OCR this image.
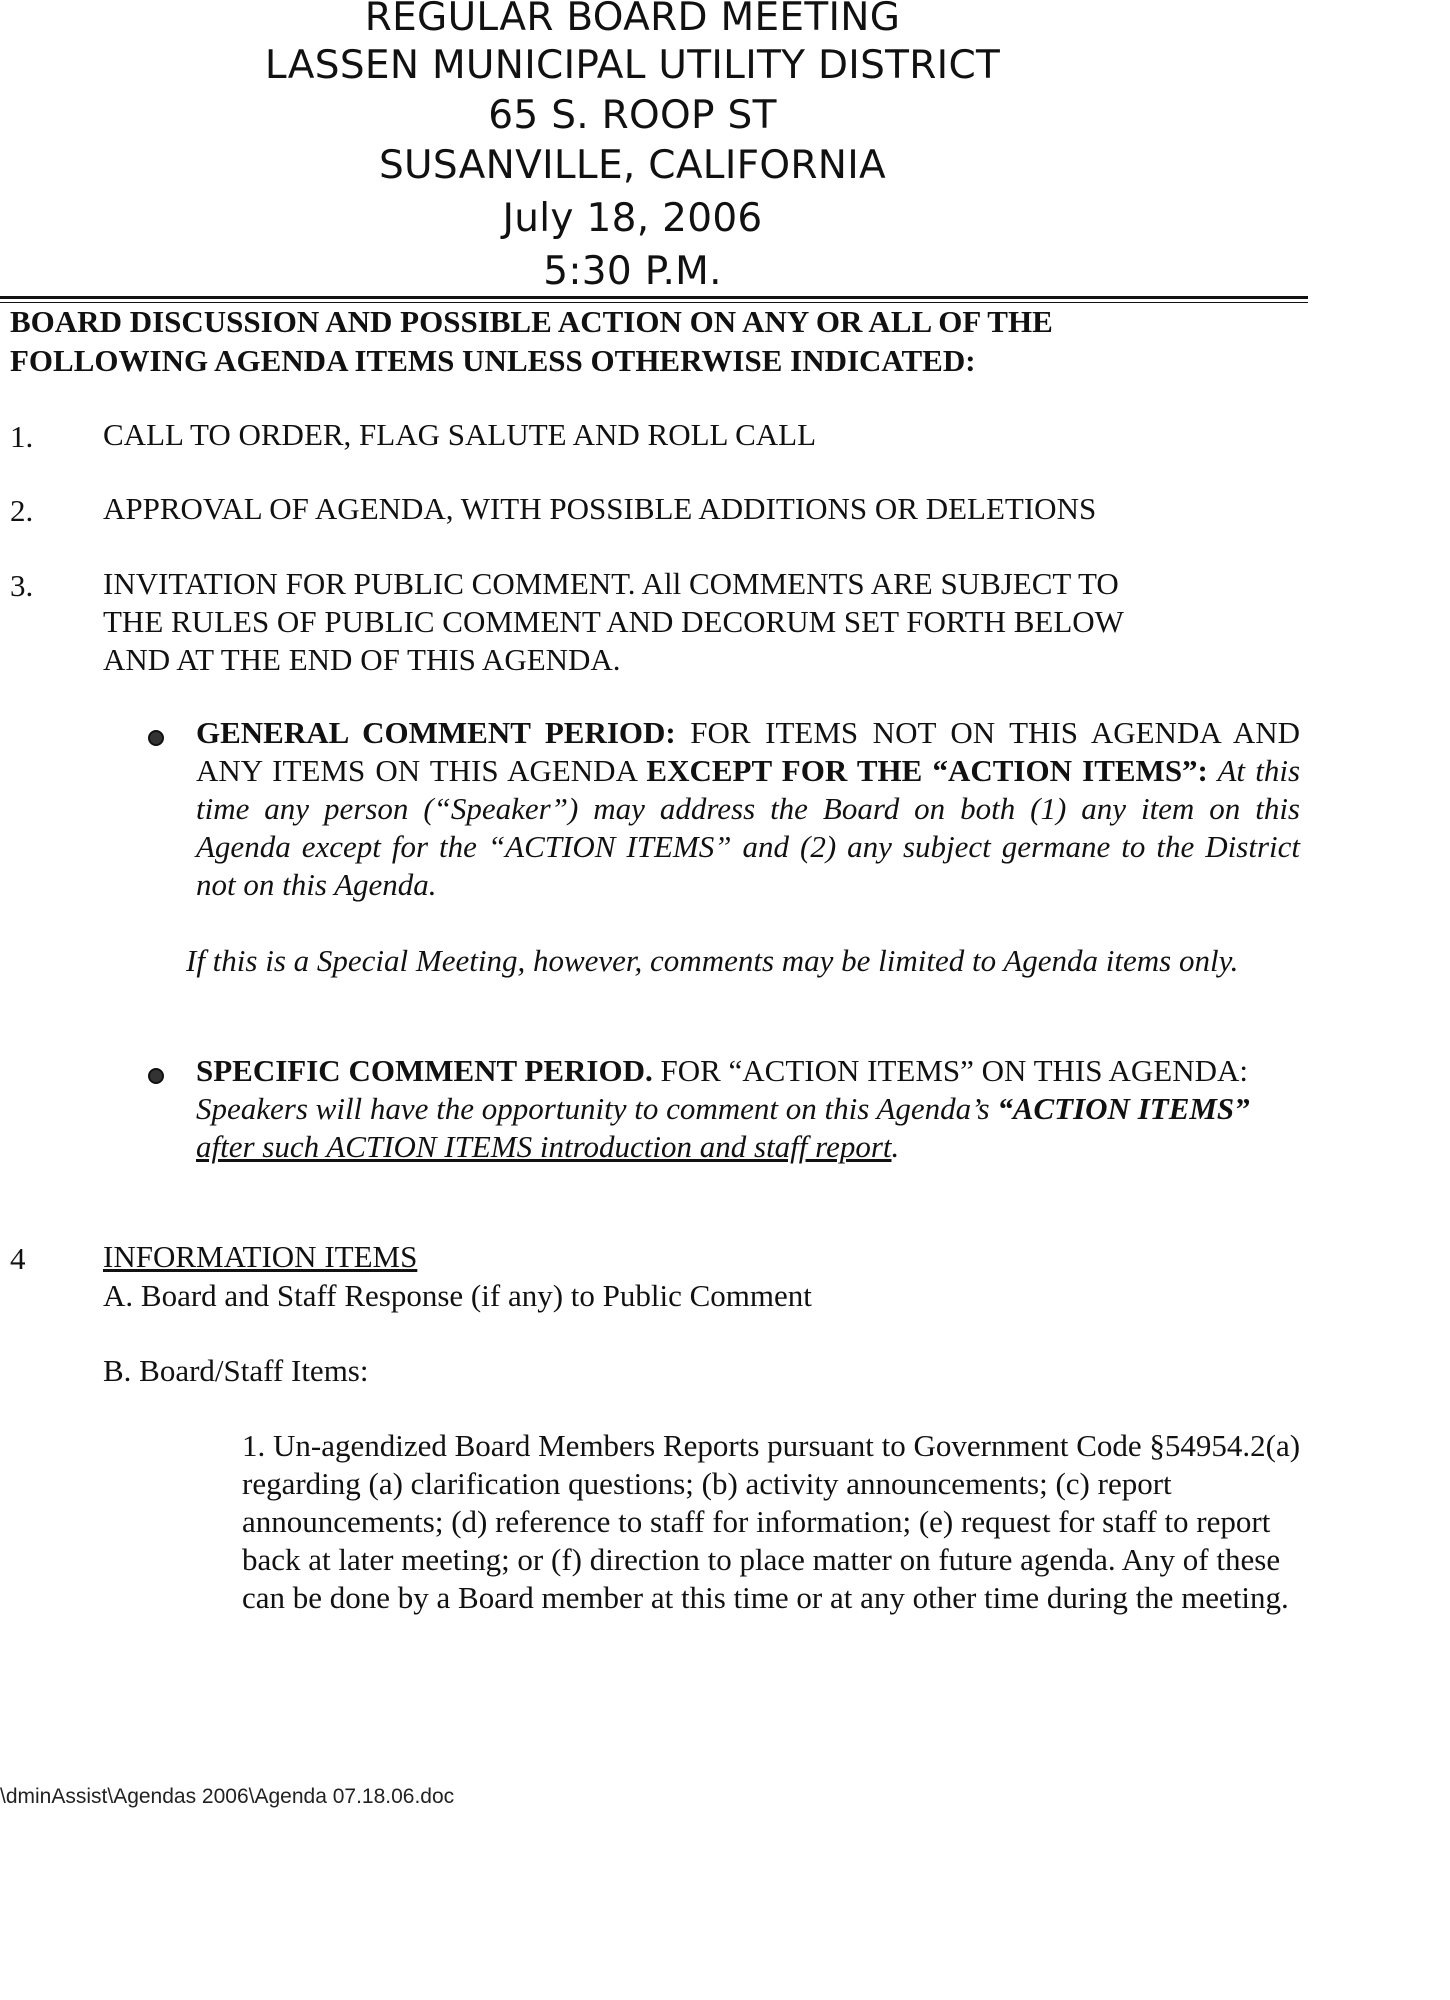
REGULAR BOARD MEETING
LASSEN MUNICIPAL UTILITY DISTRICT
65 S. ROOP ST
SUSANVILLE, CALIFORNIA
July 18, 2006
5:30 P.M.
BOARD DISCUSSION AND POSSIBLE ACTION ON ANY OR ALL OF THE
FOLLOWING AGENDA ITEMS UNLESS OTHERWISE INDICATED:
1. CALL TO ORDER, FLAG SALUTE AND ROLL CALL
2. APPROVAL OF AGENDA, WITH POSSIBLE ADDITIONS OR DELETIONS
3. INVITATION FOR PUBLIC COMMENT. All COMMENTS ARE SUBJECT TO
THE RULES OF PUBLIC COMMENT AND DECORUM SET FORTH BELOW
AND AT THE END OF THIS AGENDA.
GENERAL COMMENT PERIOD: FOR ITEMS NOT ON THIS AGENDA AND ANY ITEMS ON THIS AGENDA EXCEPT FOR THE “ACTION ITEMS”: At this time any person (“Speaker”) may address the Board on both (1) any item on this Agenda except for the “ACTION ITEMS” and (2) any subject germane to the District not on this Agenda.
If this is a Special Meeting, however, comments may be limited to Agenda items only.
SPECIFIC COMMENT PERIOD. FOR “ACTION ITEMS” ON THIS AGENDA: Speakers will have the opportunity to comment on this Agenda’s “ACTION ITEMS” after such ACTION ITEMS introduction and staff report.
4	INFORMATION ITEMS
A. Board and Staff Response (if any) to Public Comment
B. Board/Staff Items:
1. Un-agendized Board Members Reports pursuant to Government Code §54954.2(a) regarding (a) clarification questions; (b) activity announcements; (c) report announcements; (d) reference to staff for information; (e) request for staff to report back at later meeting; or (f) direction to place matter on future agenda. Any of these can be done by a Board member at this time or at any other time during the meeting.
\dminAssist\Agendas 2006\Agenda 07.18.06.doc
